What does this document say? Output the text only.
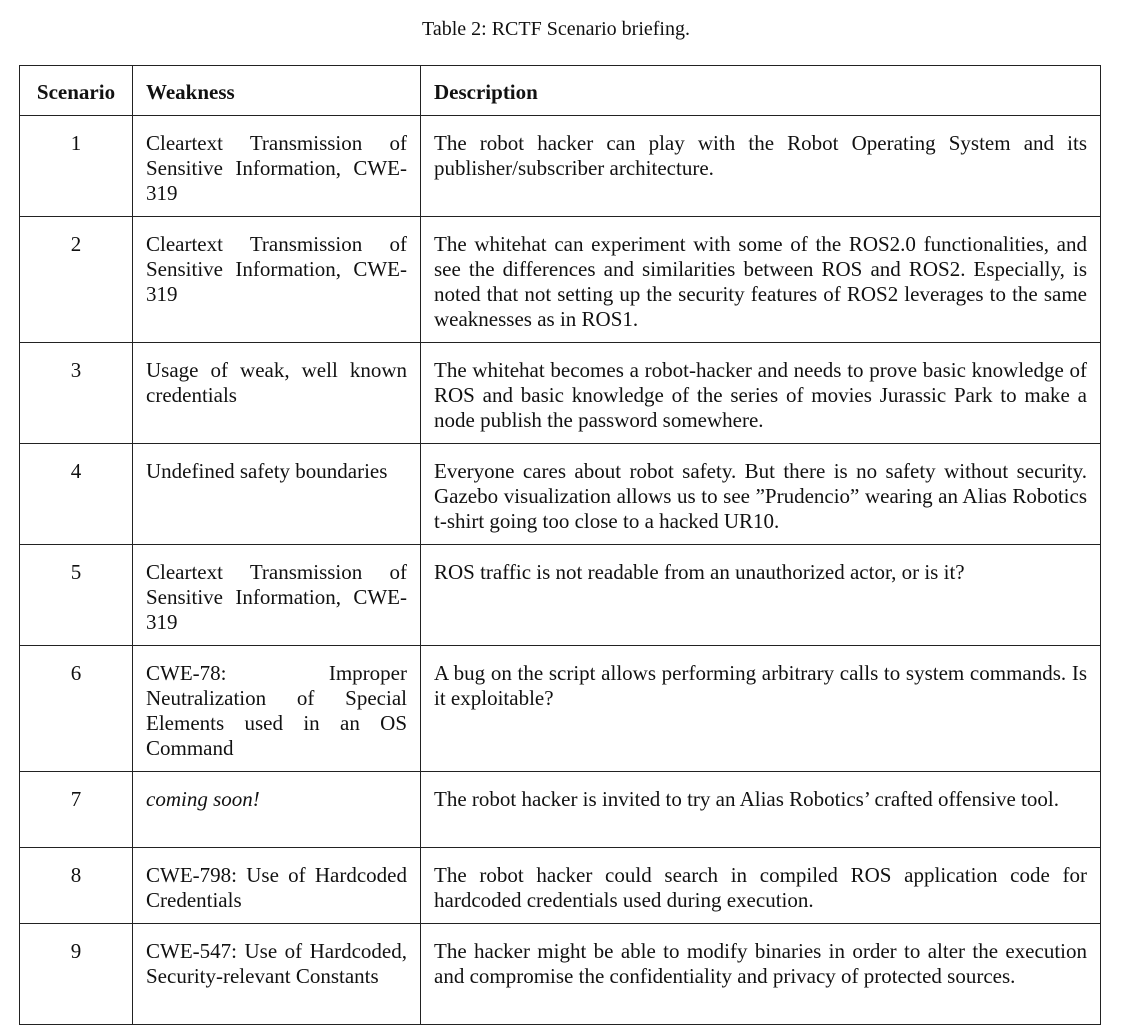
Table 2: RCTF Scenario briefing.
Scenario	Weakness	Description
1	Cleartext Transmission of Sensitive Information, CWE-319	The robot hacker can play with the Robot Operating System and its publisher/subscriber architecture.
2	Cleartext Transmission of Sensitive Information, CWE-319	The whitehat can experiment with some of the ROS2.0 functionalities, and see the differences and similarities between ROS and ROS2. Especially, is noted that not setting up the security features of ROS2 leverages to the same weaknesses as in ROS1.
3	Usage of weak, well known credentials	The whitehat becomes a robot-hacker and needs to prove basic knowledge of ROS and basic knowledge of the series of movies Jurassic Park to make a node publish the password somewhere.
4	Undefined safety boundaries	Everyone cares about robot safety. But there is no safety without security. Gazebo visualization allows us to see ”Prudencio” wearing an Alias Robotics t-shirt going too close to a hacked UR10.
5	Cleartext Transmission of Sensitive Information, CWE-319	ROS traffic is not readable from an unauthorized actor, or is it?
6	CWE-78: Improper Neutralization of Special Elements used in an OS Command	A bug on the script allows performing arbitrary calls to system commands. Is it exploitable?
7	coming soon!	The robot hacker is invited to try an Alias Robotics’ crafted offensive tool.
8	CWE-798: Use of Hardcoded Credentials	The robot hacker could search in compiled ROS application code for hardcoded credentials used during execution.
9	CWE-547: Use of Hardcoded, Security-relevant Constants	The hacker might be able to modify binaries in order to alter the execution and compromise the confidentiality and privacy of protected sources.
